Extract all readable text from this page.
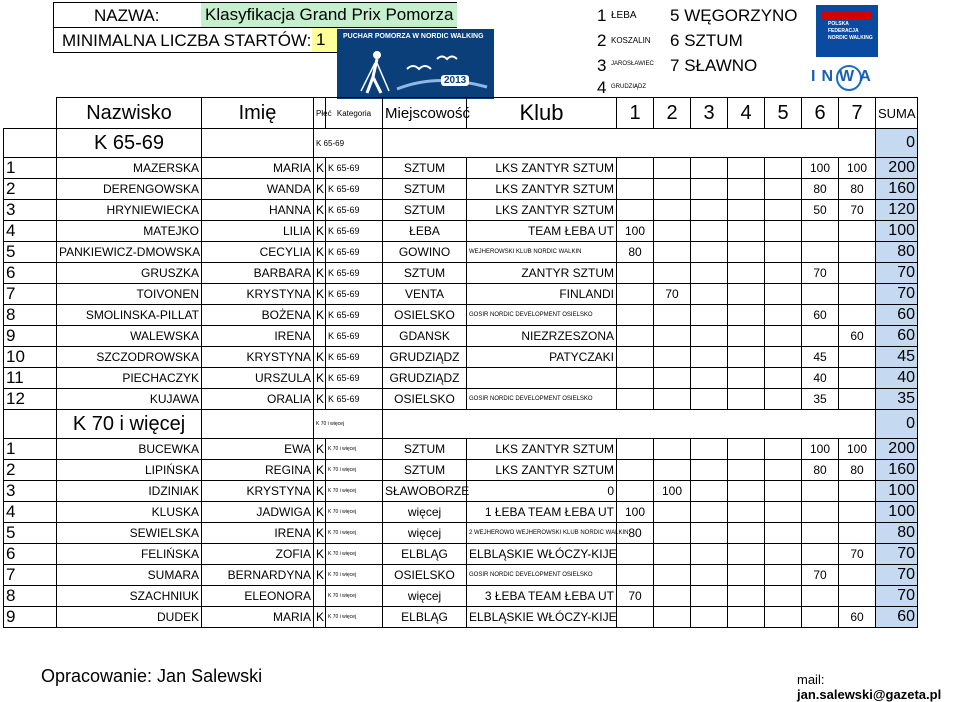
NAZWA:	Klasyfikacja Grand Prix Pomorza
MINIMALNA LICZBA STARTÓW: 1	PUCHAR POMORZA W NORDIC WALKING
2013
1 ŁEBA
2 KOSZALIN
3 JAROSŁAWIEC
4 GRUDZIĄDZ
5 WĘGORZYNO
6 SZTUM
7 SŁAWNO
POLSKA FEDERACJA NORDIC WALKING
INWA
	Nazwisko	Imię	Płeć	Kategoria	Miejscowość	Klub	1	2	3	4	5	6	7	SUMA
	K 65-69		K 65-69											0
1	MAZERSKA	MARIA	K	K 65-69	SZTUM	LKS ZANTYR SZTUM						100	100	200
2	DERENGOWSKA	WANDA	K	K 65-69	SZTUM	LKS ZANTYR SZTUM						80	80	160
3	HRYNIEWIECKA	HANNA	K	K 65-69	SZTUM	LKS ZANTYR SZTUM						50	70	120
4	MATEJKO	LILIA	K	K 65-69	ŁEBA	TEAM ŁEBA UT	100							100
5	PANKIEWICZ-DMOWSKA	CECYLIA	K	K 65-69	GOWINO	WEJHEROWSKI KLUB NORDIC WALKIN	80							80
6	GRUSZKA	BARBARA	K	K 65-69	SZTUM	ZANTYR SZTUM						70		70
7	TOIVONEN	KRYSTYNA	K	K 65-69	VENTA	FINLANDI		70						70
8	SMOLINSKA-PILLAT	BOŻENA	K	K 65-69	OSIELSKO	GOSIR NORDIC DEVELOPMENT OSIELSKO						60		60
9	WALEWSKA	IRENA		K 65-69	GDANSK	NIEZRZESZONA							60	60
10	SZCZODROWSKA	KRYSTYNA	K	K 65-69	GRUDZIĄDZ	PATYCZAKI						45		45
11	PIECHACZYK	URSZULA	K	K 65-69	GRUDZIĄDZ							40		40
12	KUJAWA	ORALIA	K	K 65-69	OSIELSKO	GOSIR NORDIC DEVELOPMENT OSIELSKO						35		35
	K 70 i więcej		K 70 i więcej											0
1	BUCEWKA	EWA	K	K 70 i więcej	SZTUM	LKS ZANTYR SZTUM						100	100	200
2	LIPIŃSKA	REGINA	K	K 70 i więcej	SZTUM	LKS ZANTYR SZTUM						80	80	160
3	IDZINIAK	KRYSTYNA	K	K 70 i więcej	SŁAWOBORZE	0		100						100
4	KLUSKA	JADWIGA	K	K 70 i więcej	więcej	1 ŁEBA TEAM ŁEBA UT	100							100
5	SEWIELSKA	IRENA	K	K 70 i więcej	więcej	2 WEJHEROWO WEJHEROWSKI KLUB NORDIC WALKIN	80							80
6	FELIŃSKA	ZOFIA	K	K 70 i więcej	ELBLĄG	ELBLĄSKIE WŁÓCZY-KIJE							70	70
7	SUMARA	BERNARDYNA	K	K 70 i więcej	OSIELSKO	GOSIR NORDIC DEVELOPMENT OSIELSKO						70		70
8	SZACHNIUK	ELEONORA		K 70 i więcej	więcej	3 ŁEBA TEAM ŁEBA UT	70							70
9	DUDEK	MARIA	K	K 70 i więcej	ELBLĄG	ELBLĄSKIE WŁÓCZY-KIJE							60	60
Opracowanie: Jan Salewski	mail: jan.salewski@gazeta.pl
